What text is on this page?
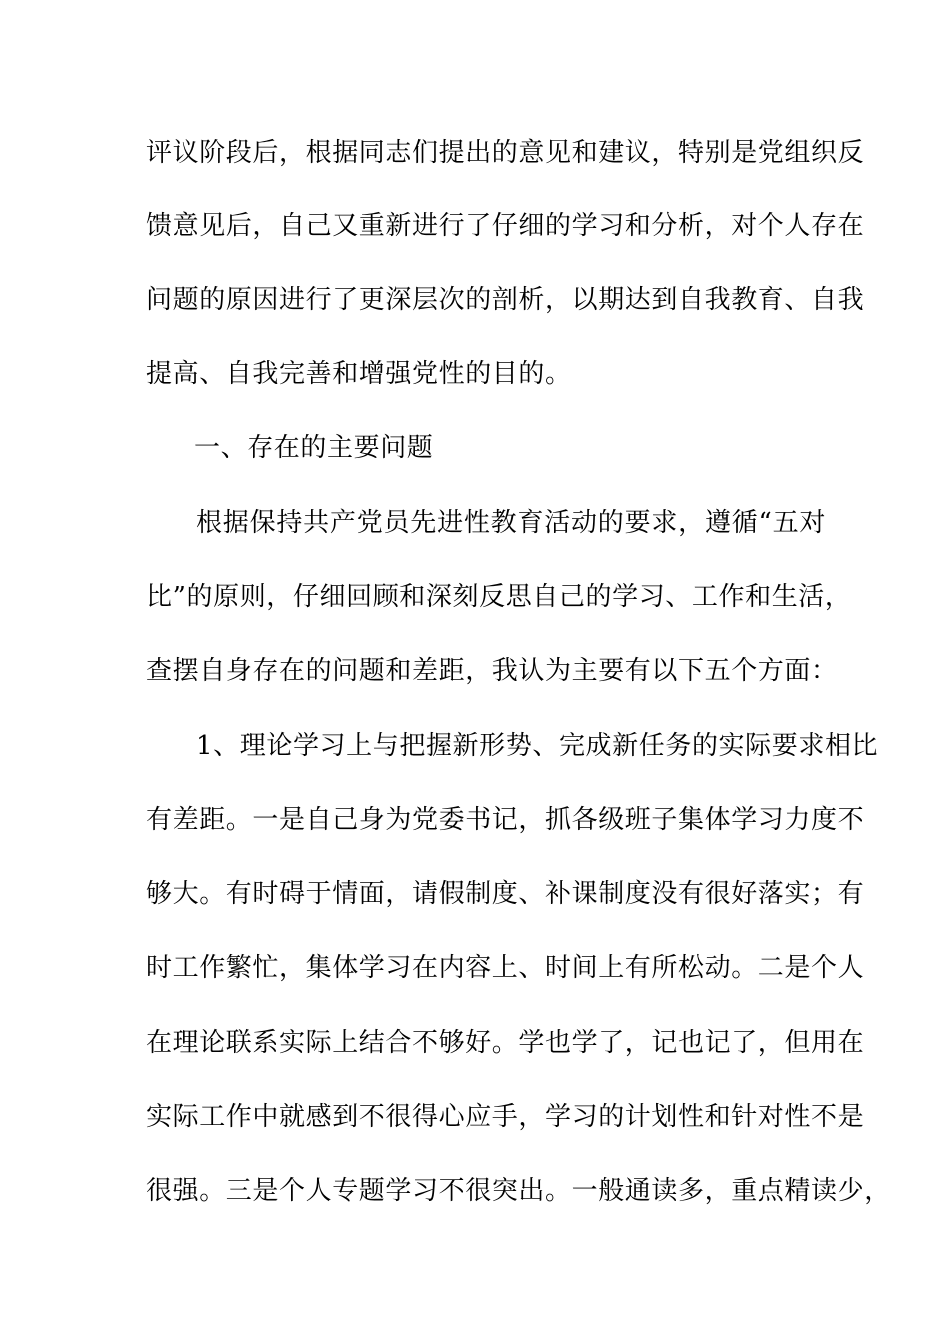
评议阶段后，根据同志们提出的意见和建议，特别是党组织反
馈意见后，自己又重新进行了仔细的学习和分析，对个人存在
问题的原因进行了更深层次的剖析，以期达到自我教育、自我
提高、自我完善和增强党性的目的。
一、存在的主要问题
根据保持共产党员先进性教育活动的要求，遵循“五对
比”的原则，仔细回顾和深刻反思自己的学习、工作和生活，
查摆自身存在的问题和差距，我认为主要有以下五个方面：
1、理论学习上与把握新形势、完成新任务的实际要求相比
有差距。一是自己身为党委书记，抓各级班子集体学习力度不
够大。有时碍于情面，请假制度、补课制度没有很好落实；有
时工作繁忙，集体学习在内容上、时间上有所松动。二是个人
在理论联系实际上结合不够好。学也学了，记也记了，但用在
实际工作中就感到不很得心应手，学习的计划性和针对性不是
很强。三是个人专题学习不很突出。一般通读多，重点精读少，
